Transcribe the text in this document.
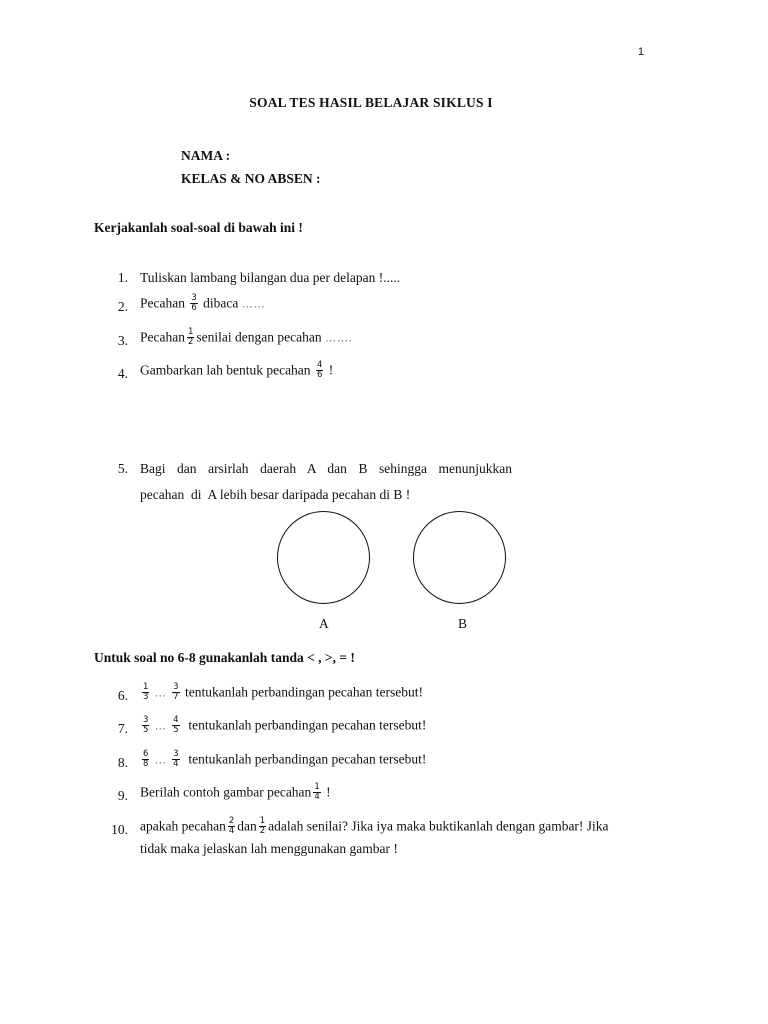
1
SOAL TES HASIL BELAJAR SIKLUS I
NAMA :
KELAS & NO ABSEN :
Kerjakanlah soal-soal di bawah ini !
1. Tuliskan lambang bilangan dua per delapan !.....
2. Pecahan $\frac{3}{6}$ dibaca ……
3. Pecahan $\frac{1}{2}$ senilai dengan pecahan …….
4. Gambarkan lah bentuk pecahan $\frac{4}{6}$ !
5. Bagi dan arsirlah daerah A dan B sehingga menunjukkan
pecahan  di  A lebih besar daripada pecahan di B !
A	B
Untuk soal no 6-8 gunakanlah tanda < , >, = !
6. $\frac{1}{3}$ … $\frac{3}{7}$ tentukanlah perbandingan pecahan tersebut!
7. $\frac{3}{5}$ … $\frac{4}{5}$ tentukanlah perbandingan pecahan tersebut!
8. $\frac{6}{8}$ … $\frac{3}{4}$ tentukanlah perbandingan pecahan tersebut!
9. Berilah contoh gambar pecahan $\frac{1}{4}$ !
10. apakah pecahan $\frac{2}{4}$ dan $\frac{1}{2}$ adalah senilai? Jika iya maka buktikanlah dengan gambar! Jika
tidak maka jelaskan lah menggunakan gambar !
